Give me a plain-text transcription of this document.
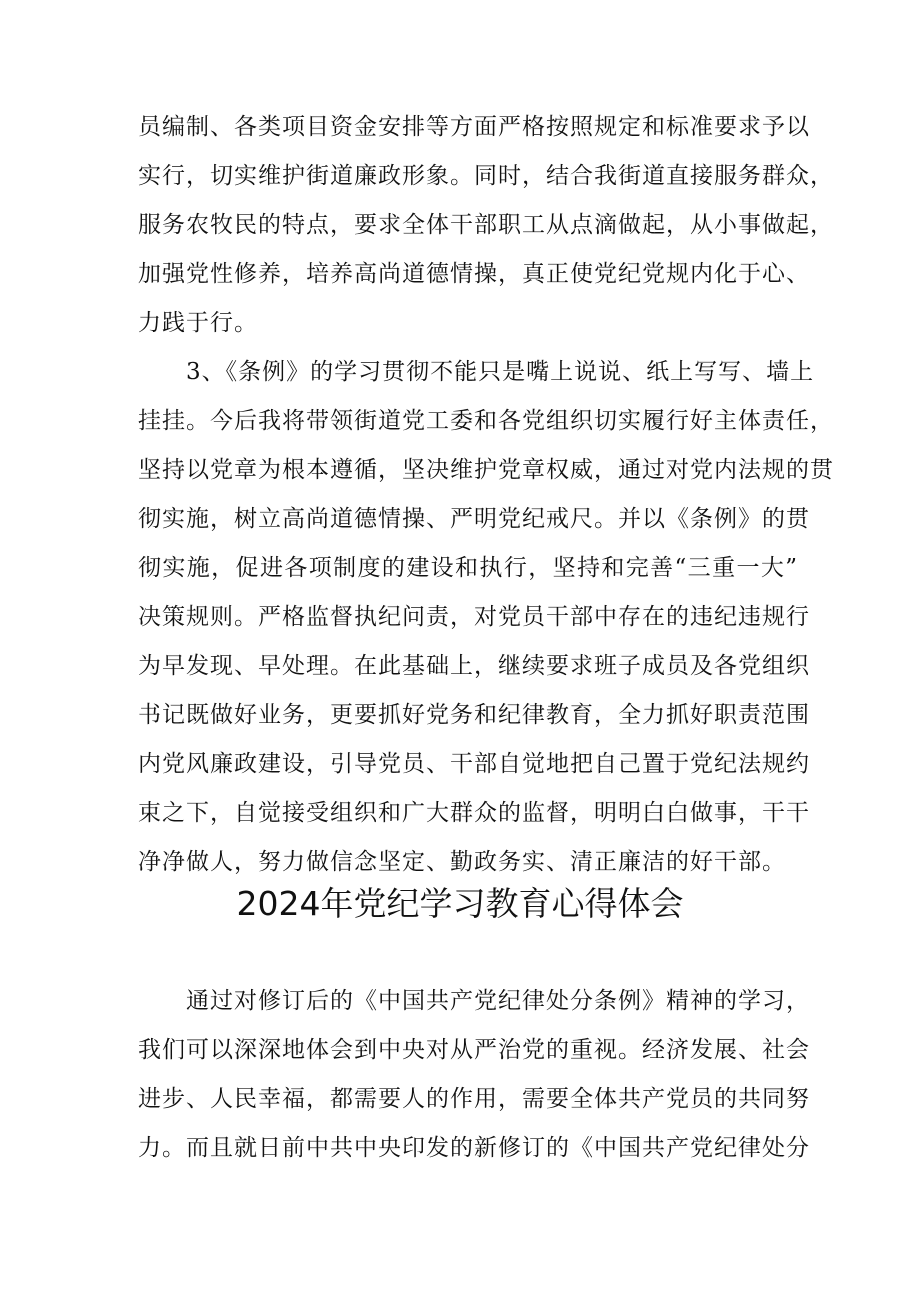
员编制、各类项目资金安排等方面严格按照规定和标准要求予以
实行，切实维护街道廉政形象。同时，结合我街道直接服务群众，
服务农牧民的特点，要求全体干部职工从点滴做起，从小事做起，
加强党性修养，培养高尚道德情操，真正使党纪党规内化于心、
力践于行。
3、《条例》的学习贯彻不能只是嘴上说说、纸上写写、墙上
挂挂。今后我将带领街道党工委和各党组织切实履行好主体责任，
坚持以党章为根本遵循，坚决维护党章权威，通过对党内法规的贯
彻实施，树立高尚道德情操、严明党纪戒尺。并以《条例》的贯
彻实施，促进各项制度的建设和执行，坚持和完善“三重一大”
决策规则。严格监督执纪问责，对党员干部中存在的违纪违规行
为早发现、早处理。在此基础上，继续要求班子成员及各党组织
书记既做好业务，更要抓好党务和纪律教育，全力抓好职责范围
内党风廉政建设，引导党员、干部自觉地把自己置于党纪法规约
束之下，自觉接受组织和广大群众的监督，明明白白做事，干干
净净做人，努力做信念坚定、勤政务实、清正廉洁的好干部。
2024年党纪学习教育心得体会
通过对修订后的《中国共产党纪律处分条例》精神的学习，
我们可以深深地体会到中央对从严治党的重视。经济发展、社会
进步、人民幸福，都需要人的作用，需要全体共产党员的共同努
力。而且就日前中共中央印发的新修订的《中国共产党纪律处分
